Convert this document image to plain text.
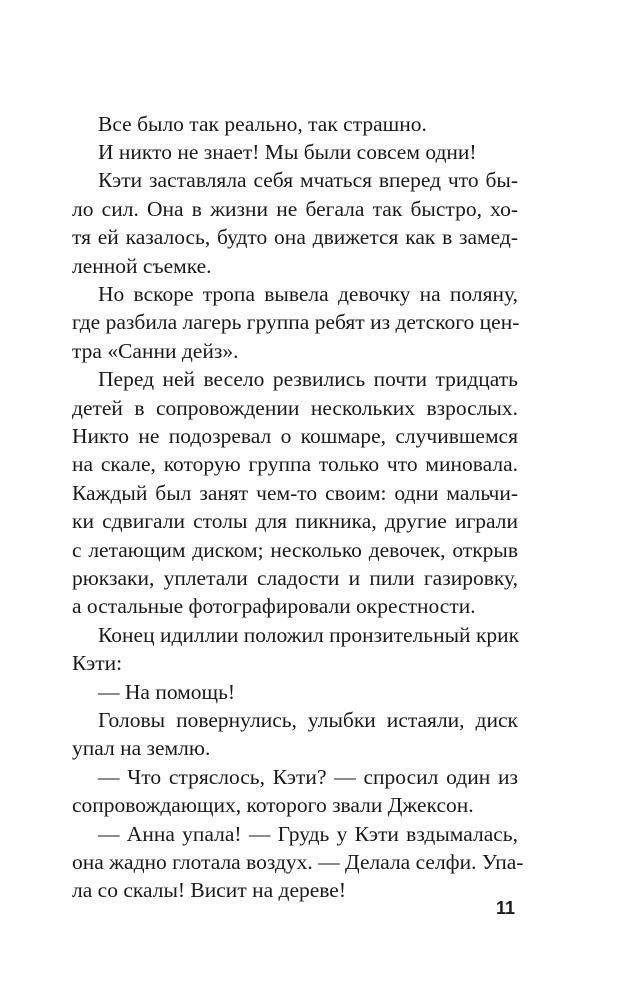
Все было так реально, так страшно.

И никто не знает! Мы были совсем одни!

Кэти заставляла себя мчаться вперед что бы-

ло сил. Она в жизни не бегала так быстро, хо-

тя ей казалось, будто она движется как в замед-

ленной съемке.

Но вскоре тропа вывела девочку на поляну,

где разбила лагерь группа ребят из детского цен-

тра «Санни дейз».

Перед ней весело резвились почти тридцать

детей в сопровождении нескольких взрослых.

Никто не подозревал о кошмаре, случившемся

на скале, которую группа только что миновала.

Каждый был занят чем-то своим: одни мальчи-

ки сдвигали столы для пикника, другие играли

с летающим диском; несколько девочек, открыв

рюкзаки, уплетали сладости и пили газировку,

а остальные фотографировали окрестности.

Конец идиллии положил пронзительный крик

Кэти:

— На помощь!

Головы повернулись, улыбки истаяли, диск

упал на землю.

— Что стряслось, Кэти? — спросил один из

сопровождающих, которого звали Джексон.

— Анна упала! — Грудь у Кэти вздымалась,

она жадно глотала воздух. — Делала селфи. Упа-

ла со скалы! Висит на дереве!

11
